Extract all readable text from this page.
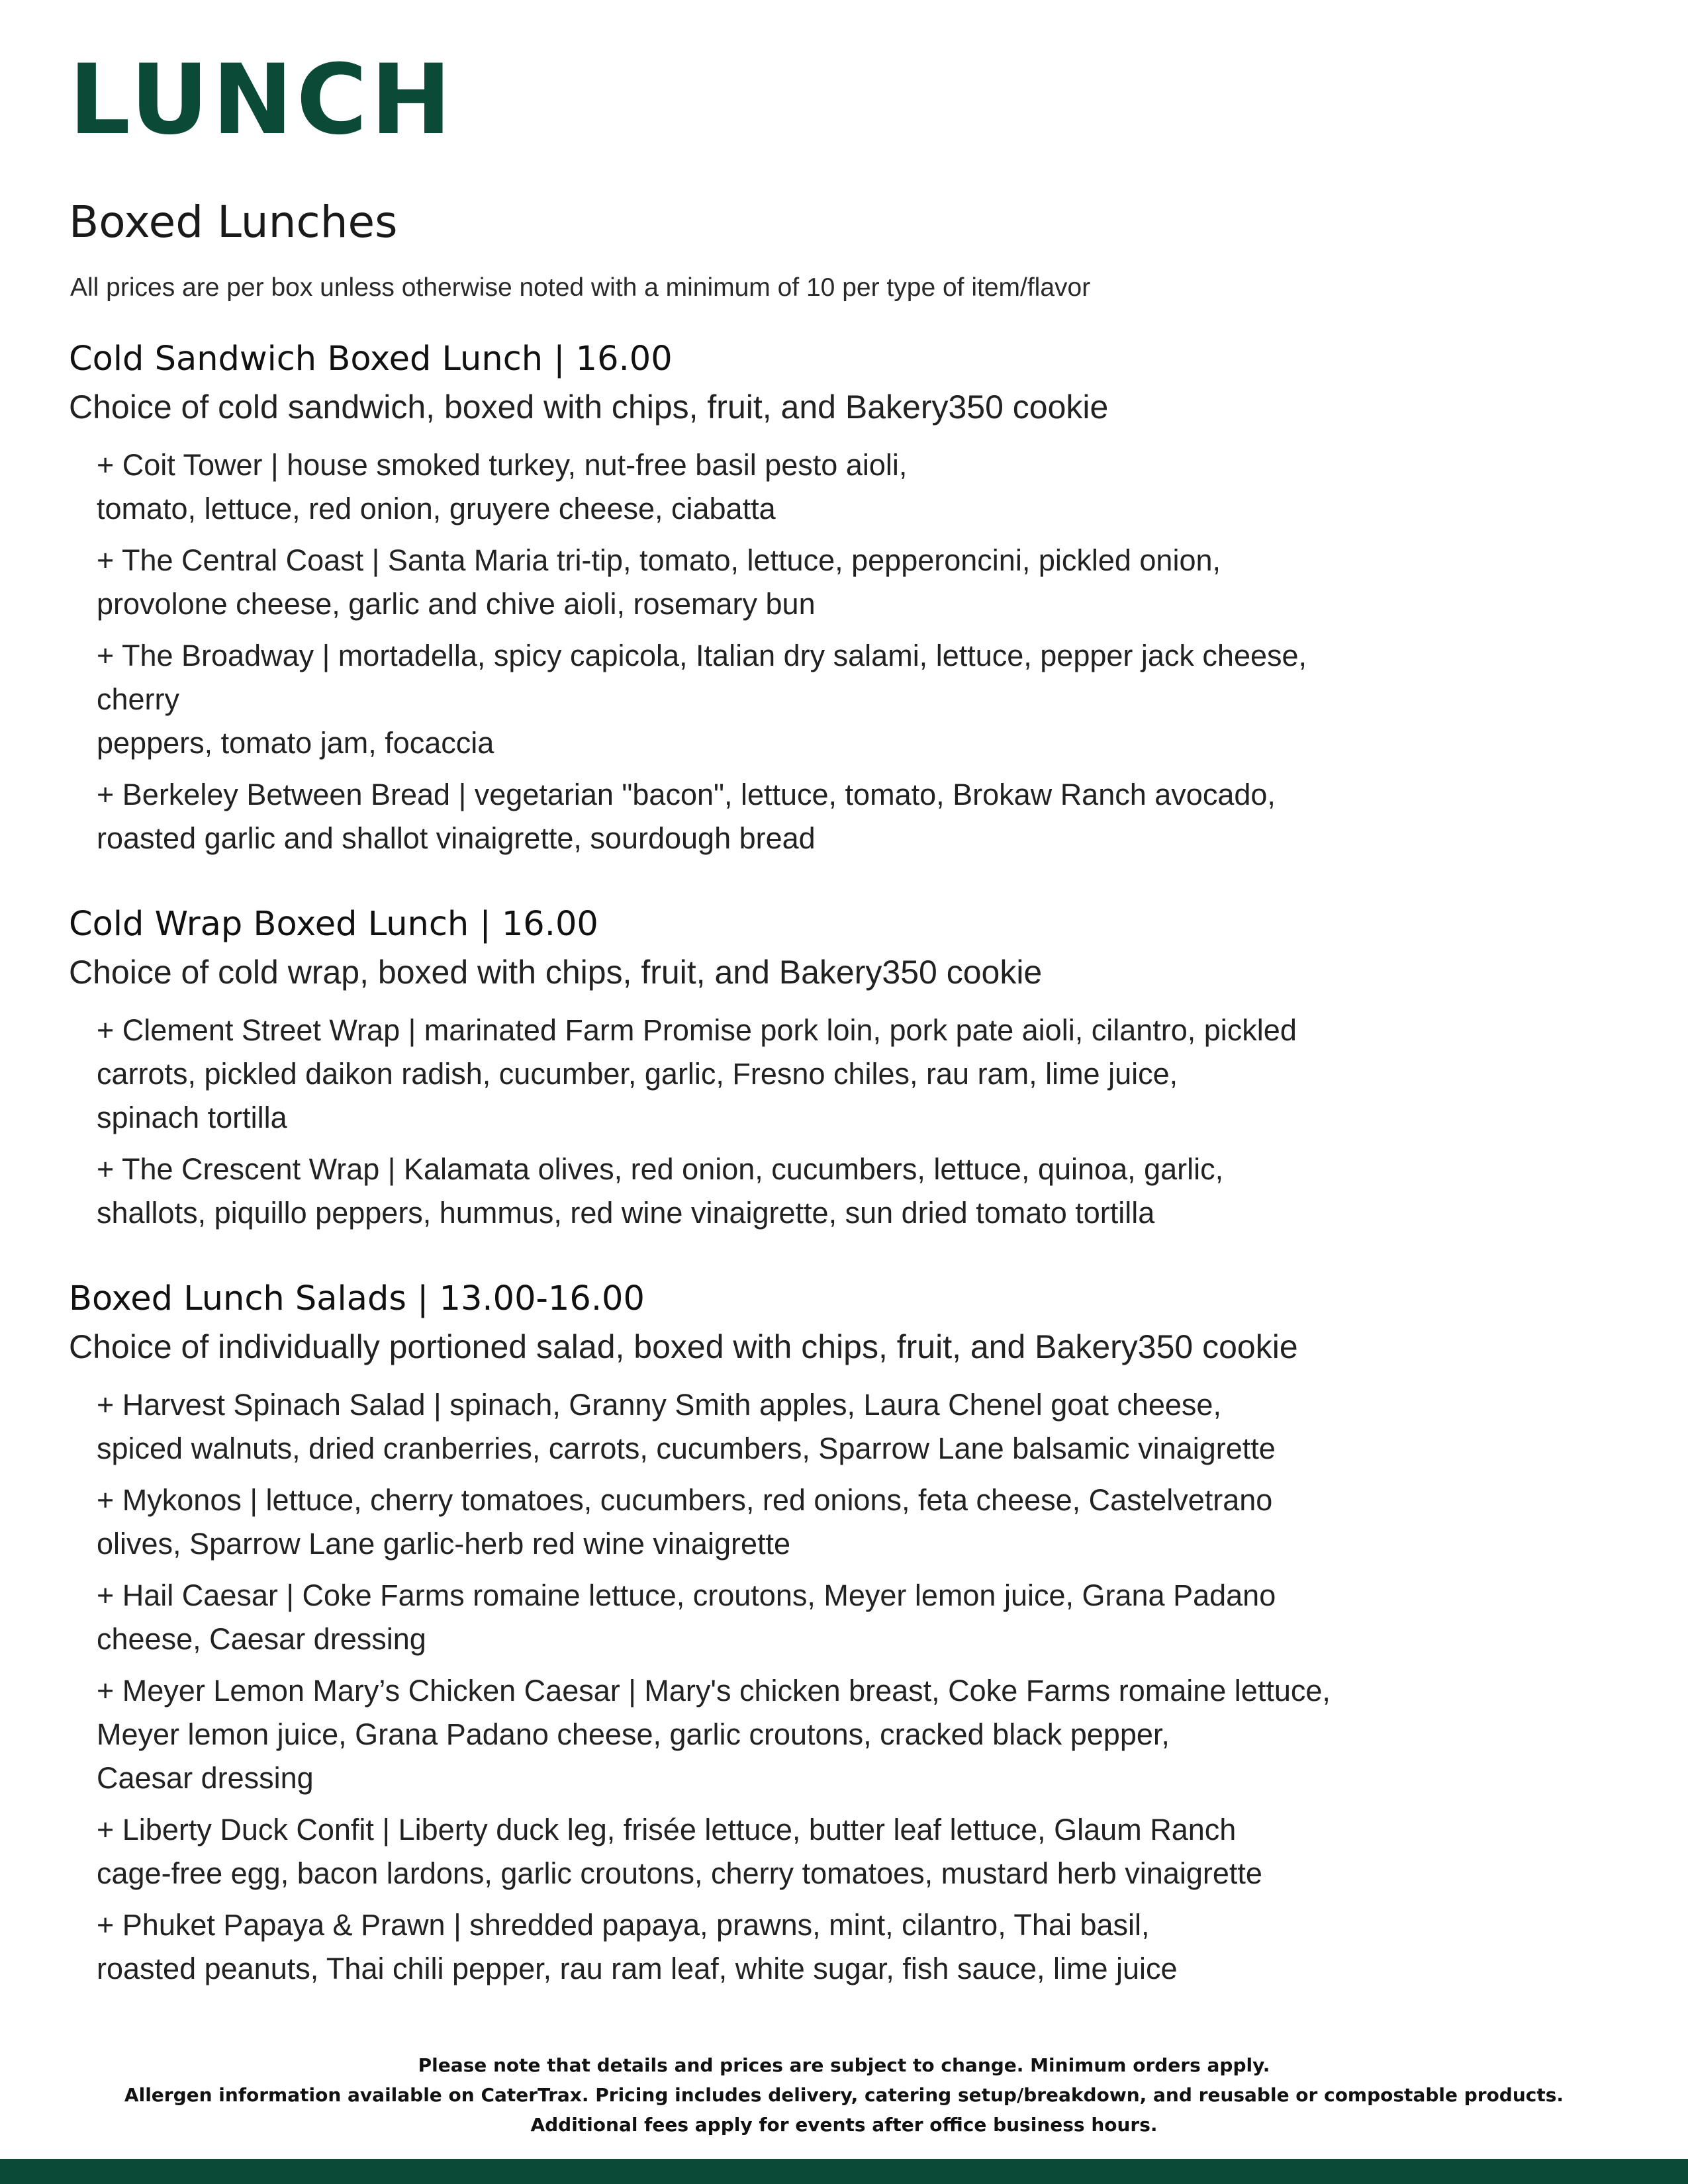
LUNCH
Boxed Lunches

All prices are per box unless otherwise noted with a minimum of 10 per type of item/flavor

Cold Sandwich Boxed Lunch | 16.00

Choice of cold sandwich, boxed with chips, fruit, and Bakery350 cookie

+ Coit Tower | house smoked turkey, nut-free basil pesto aioli,
tomato, lettuce, red onion, gruyere cheese, ciabatta
+ The Central Coast | Santa Maria tri-tip, tomato, lettuce, pepperoncini, pickled onion,
provolone cheese, garlic and chive aioli, rosemary bun
+ The Broadway | mortadella, spicy capicola, Italian dry salami, lettuce, pepper jack cheese,
cherry
peppers, tomato jam, focaccia
+ Berkeley Between Bread | vegetarian "bacon", lettuce, tomato, Brokaw Ranch avocado,
roasted garlic and shallot vinaigrette, sourdough bread
Cold Wrap Boxed Lunch | 16.00

Choice of cold wrap, boxed with chips, fruit, and Bakery350 cookie

+ Clement Street Wrap | marinated Farm Promise pork loin, pork pate aioli, cilantro, pickled
carrots, pickled daikon radish, cucumber, garlic, Fresno chiles, rau ram, lime juice,
spinach tortilla
+ The Crescent Wrap | Kalamata olives, red onion, cucumbers, lettuce, quinoa, garlic,
shallots, piquillo peppers, hummus, red wine vinaigrette, sun dried tomato tortilla
Boxed Lunch Salads | 13.00-16.00

Choice of individually portioned salad, boxed with chips, fruit, and Bakery350 cookie

+ Harvest Spinach Salad | spinach, Granny Smith apples, Laura Chenel goat cheese,
spiced walnuts, dried cranberries, carrots, cucumbers, Sparrow Lane balsamic vinaigrette
+ Mykonos | lettuce, cherry tomatoes, cucumbers, red onions, feta cheese, Castelvetrano
olives, Sparrow Lane garlic-herb red wine vinaigrette
+ Hail Caesar | Coke Farms romaine lettuce, croutons, Meyer lemon juice, Grana Padano
cheese, Caesar dressing
+ Meyer Lemon Mary’s Chicken Caesar | Mary's chicken breast, Coke Farms romaine lettuce,
Meyer lemon juice, Grana Padano cheese, garlic croutons, cracked black pepper,
Caesar dressing
+ Liberty Duck Confit | Liberty duck leg, frisée lettuce, butter leaf lettuce, Glaum Ranch
cage-free egg, bacon lardons, garlic croutons, cherry tomatoes, mustard herb vinaigrette
+ Phuket Papaya & Prawn | shredded papaya, prawns, mint, cilantro, Thai basil,
roasted peanuts, Thai chili pepper, rau ram leaf, white sugar, fish sauce, lime juice

Please note that details and prices are subject to change. Minimum orders apply.

Allergen information available on CaterTrax. Pricing includes delivery, catering setup/breakdown, and reusable or compostable products.

Additional fees apply for events after office business hours.
